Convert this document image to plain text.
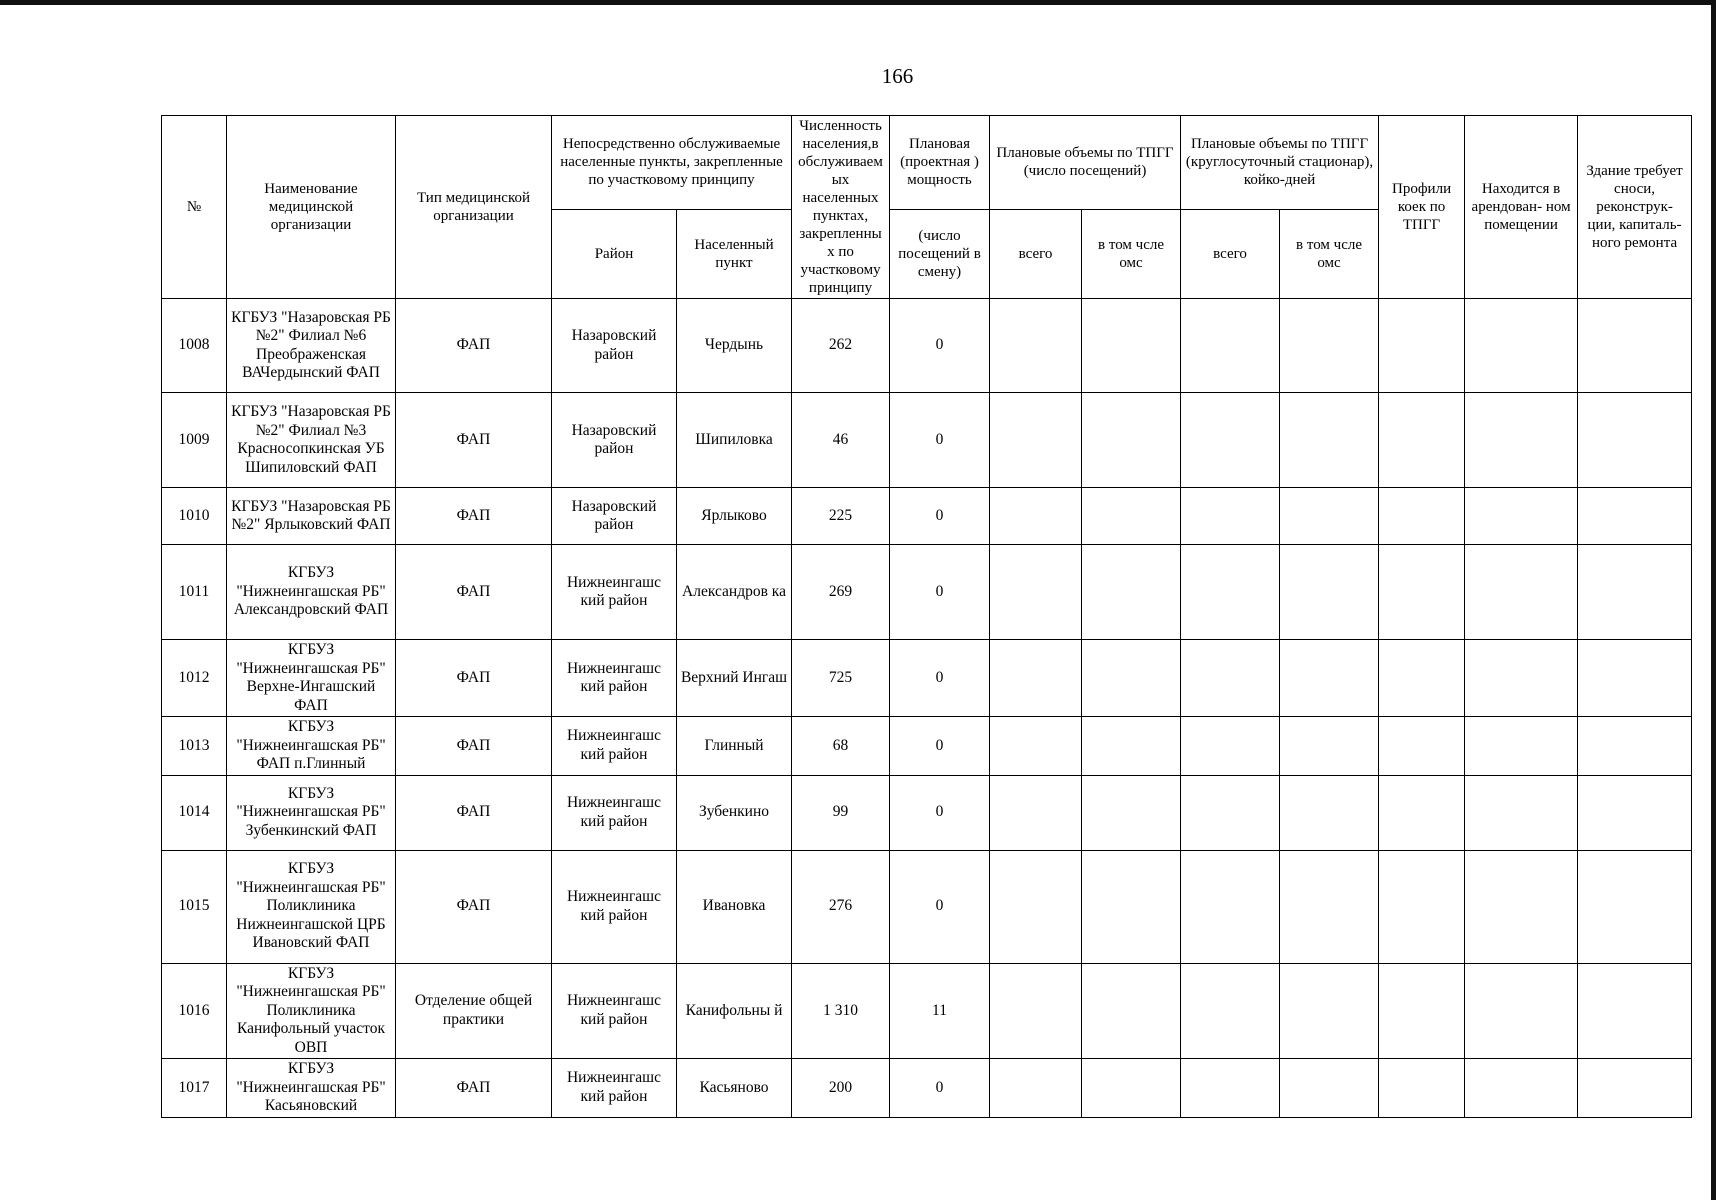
166
№	Наименование медицинской организации	Тип медицинской организации	Непосредственно обслуживаемые населенные пункты, закрепленные по участковому принципу		Численность населения,в обслуживаем ых населенных пунктах, закрепленны х по участковому принципу	Плановая (проектная ) мощность	Плановые объемы по ТПГГ (число посещений)		Плановые объемы по ТПГГ (круглосуточный стационар), койко-дней		Профили коек по ТПГГ	Находится в арендован- ном помещении	Здание требует сноси, реконструк- ции, капиталь- ного ремонта
			Район	Населенный пункт		(число посещений в смену)	всего	в том чсле омс	всего	в том чсле омс			
1008	КГБУЗ "Назаровская РБ №2" Филиал №6 Преображенская ВАЧердынский ФАП	ФАП	Назаровский район	Чердынь	262	0							
1009	КГБУЗ "Назаровская РБ №2" Филиал №3 Красносопкинская УБ Шипиловский ФАП	ФАП	Назаровский район	Шипиловка	46	0							
1010	КГБУЗ "Назаровская РБ №2" Ярлыковский ФАП	ФАП	Назаровский район	Ярлыково	225	0							
1011	КГБУЗ "Нижнеингашская РБ" Александровский ФАП	ФАП	Нижнеингашс кий район	Александров ка	269	0							
1012	КГБУЗ "Нижнеингашская РБ" Верхне-Ингашский ФАП	ФАП	Нижнеингашс кий район	Верхний Ингаш	725	0							
1013	КГБУЗ "Нижнеингашская РБ" ФАП п.Глинный	ФАП	Нижнеингашс кий район	Глинный	68	0							
1014	КГБУЗ "Нижнеингашская РБ" Зубенкинский ФАП	ФАП	Нижнеингашс кий район	Зубенкино	99	0							
1015	КГБУЗ "Нижнеингашская РБ" Поликлиника Нижнеингашской ЦРБ Ивановский ФАП	ФАП	Нижнеингашс кий район	Ивановка	276	0							
1016	КГБУЗ "Нижнеингашская РБ" Поликлиника Канифольный участок ОВП	Отделение общей практики	Нижнеингашс кий район	Канифольны й	1 310	11							
1017	КГБУЗ "Нижнеингашская РБ" Касьяновский	ФАП	Нижнеингашс кий район	Касьяново	200	0							
